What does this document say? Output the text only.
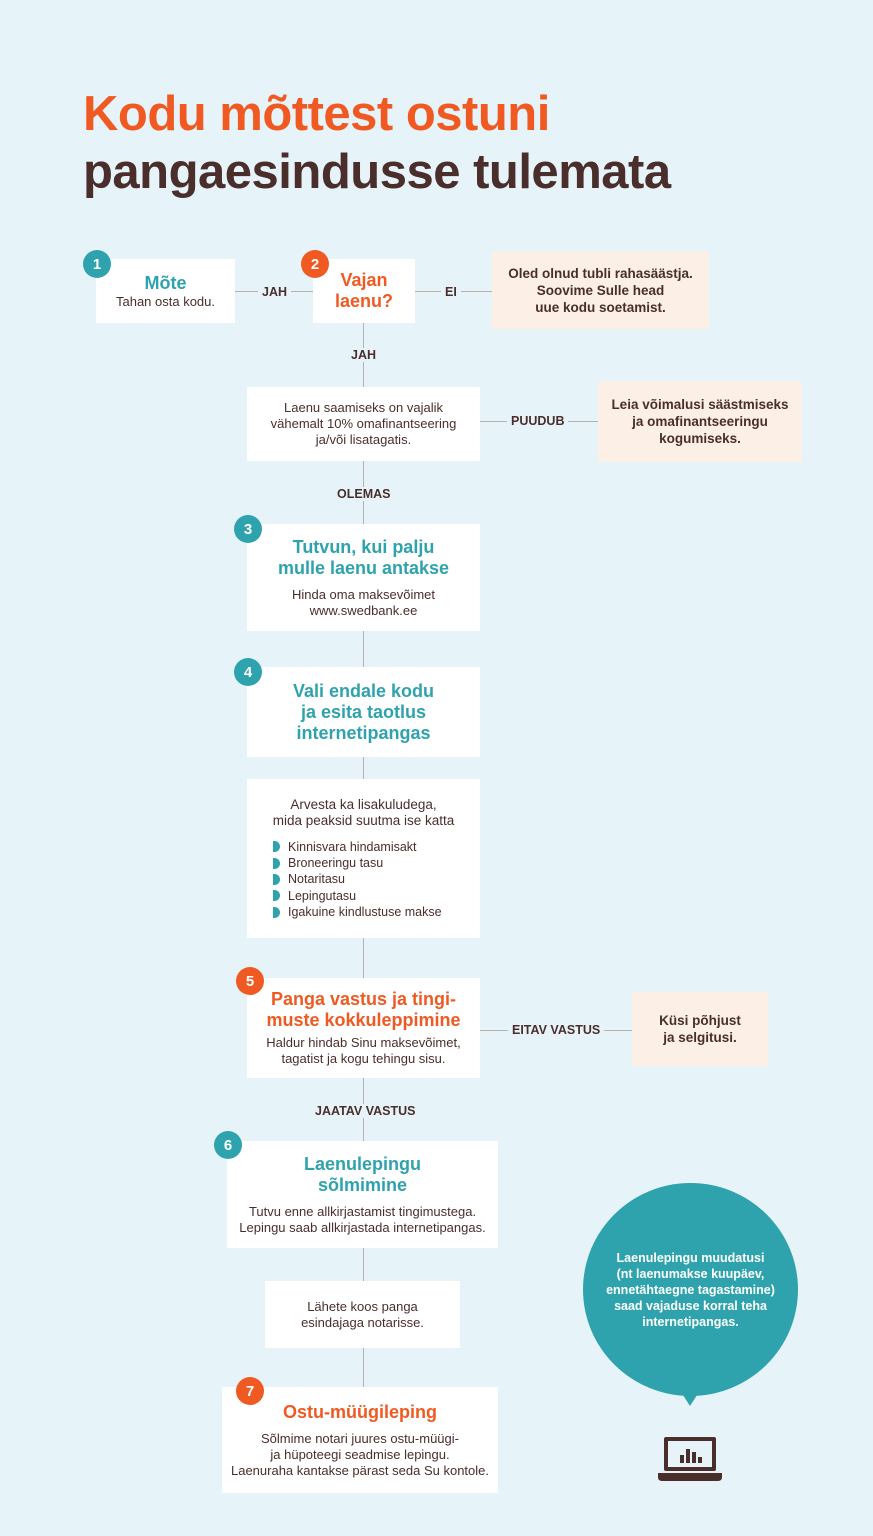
Kodu mõttest ostuni
pangaesindusse tulemata
JAH	EI
JAH
PUUDUB
OLEMAS
EITAV VASTUS
JAATAV VASTUS
Mõte
Tahan osta kodu.
1
Vajan
laenu?
2
Oled olnud tubli rahasäästja.
Soovime Sulle head
uue kodu soetamist.
Laenu saamiseks on vajalik
vähemalt 10% omafinantseering
ja/või lisatagatis.
Leia võimalusi säästmiseks
ja omafinantseeringu
kogumiseks.
Tutvun, kui palju
mulle laenu antakse
Hinda oma maksevõimet
www.swedbank.ee
3
Vali endale kodu
ja esita taotlus
internetipangas
4
Arvesta ka lisakuludega,
mida peaksid suutma ise katta
Kinnisvara hindamisakt
Broneeringu tasu
Notaritasu
Lepingutasu
Igakuine kindlustuse makse
Panga vastus ja tingi-
muste kokkuleppimine
Haldur hindab Sinu maksevõimet,
tagatist ja kogu tehingu sisu.
5
Küsi põhjust
ja selgitusi.
Laenulepingu
sõlmimine
Tutvu enne allkirjastamist tingimustega.
Lepingu saab allkirjastada internetipangas.
6
Lähete koos panga
esindajaga notarisse.
Ostu-müügileping
Sõlmime notari juures ostu-müügi-
ja hüpoteegi seadmise lepingu.
Laenuraha kantakse pärast seda Su kontole.
7
Laenulepingu muudatusi
(nt laenumakse kuupäev,
ennetähtaegne tagastamine)
saad vajaduse korral teha
internetipangas.
